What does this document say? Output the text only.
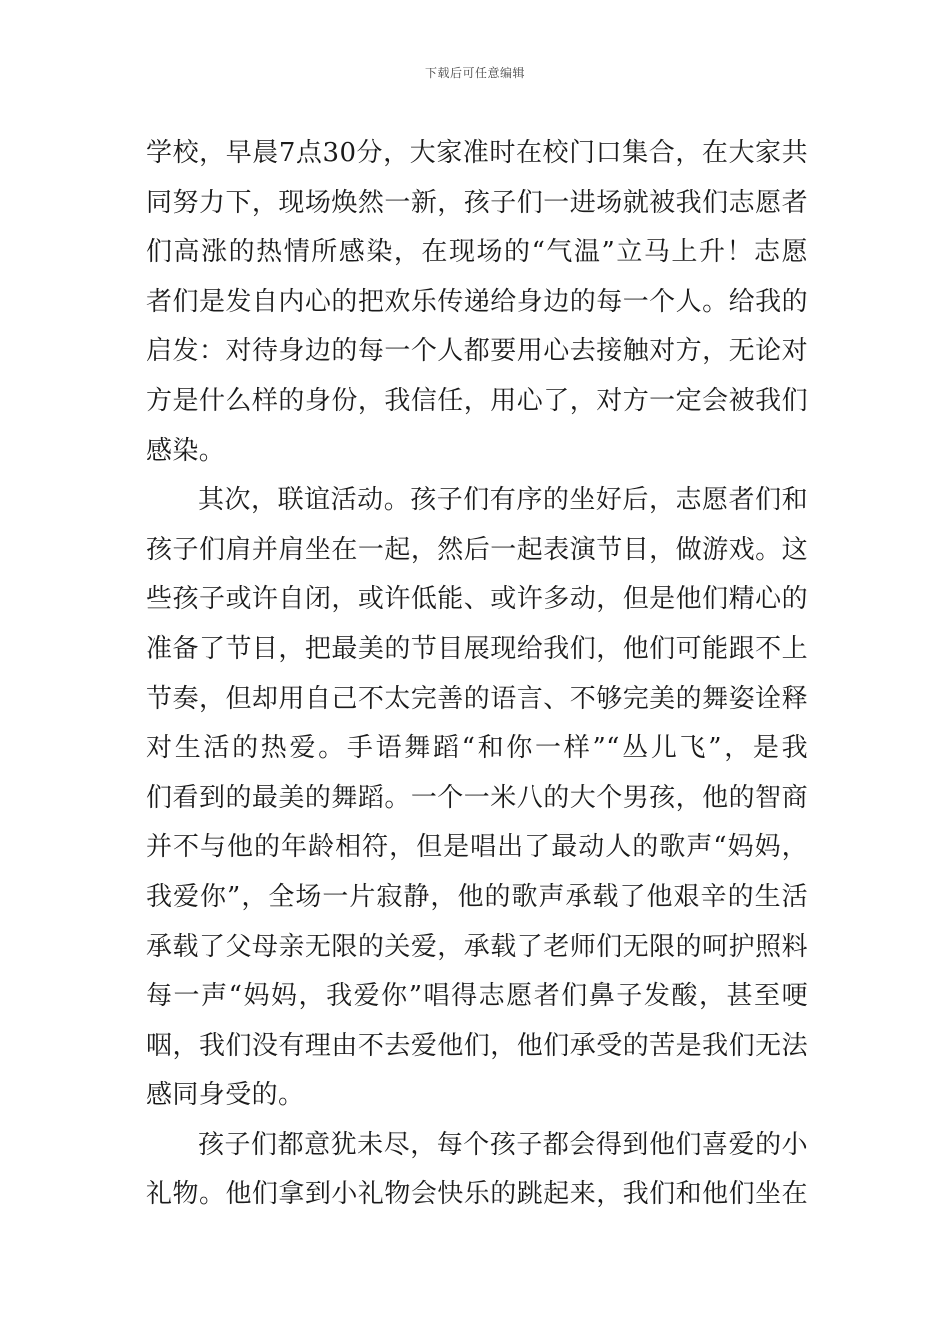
下载后可任意编辑
学校，早晨7点30分，大家准时在校门口集合，在大家共
同努力下，现场焕然一新，孩子们一进场就被我们志愿者
们高涨的热情所感染，在现场的“气温”立马上升！志愿
者们是发自内心的把欢乐传递给身边的每一个人。给我的
启发：对待身边的每一个人都要用心去接触对方，无论对
方是什么样的身份，我信任，用心了，对方一定会被我们
感染。
其次，联谊活动。孩子们有序的坐好后，志愿者们和
孩子们肩并肩坐在一起，然后一起表演节目，做游戏。这
些孩子或许自闭，或许低能、或许多动，但是他们精心的
准备了节目，把最美的节目展现给我们，他们可能跟不上
节奏，但却用自己不太完善的语言、不够完美的舞姿诠释
对生活的热爱。手语舞蹈“和你一样”“丛儿飞”，是我
们看到的最美的舞蹈。一个一米八的大个男孩，他的智商
并不与他的年龄相符，但是唱出了最动人的歌声“妈妈，
我爱你”，全场一片寂静，他的歌声承载了他艰辛的生活
承载了父母亲无限的关爱，承载了老师们无限的呵护照料
每一声“妈妈，我爱你”唱得志愿者们鼻子发酸，甚至哽
咽，我们没有理由不去爱他们，他们承受的苦是我们无法
感同身受的。
孩子们都意犹未尽，每个孩子都会得到他们喜爱的小
礼物。他们拿到小礼物会快乐的跳起来，我们和他们坐在
